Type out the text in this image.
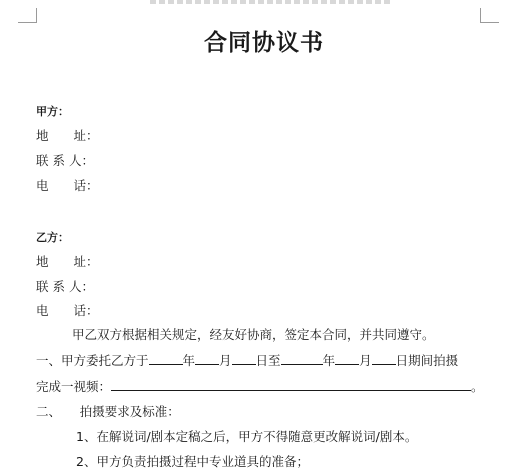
合同协议书
甲方：
地　　址：
联 系 人：
电　　话：
乙方：
地　　址：
联 系 人：
电　　话：
甲乙双方根据相关规定，经友好协商，签定本合同，并共同遵守。
一、甲方委托乙方于	年 月 日至	年 月 日期间拍摄
完成一视频：	。
二、　　拍摄要求及标准：
1、在解说词/剧本定稿之后，甲方不得随意更改解说词/剧本。
2、甲方负责拍摄过程中专业道具的准备；
